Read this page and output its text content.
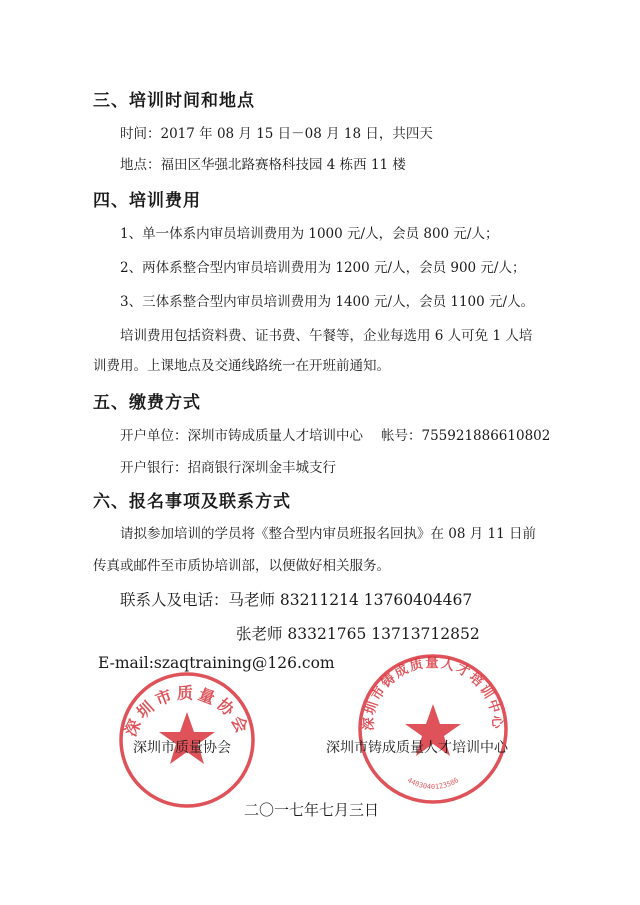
三、培训时间和地点
时间：2017 年 08 月 15 日－08 月 18 日，共四天
地点：福田区华强北路赛格科技园 4 栋西 11 楼
四、培训费用
1、单一体系内审员培训费用为 1000 元/人，会员 800 元/人；
2、两体系整合型内审员培训费用为 1200 元/人，会员 900 元/人；
3、三体系整合型内审员培训费用为 1400 元/人，会员 1100 元/人。
培训费用包括资料费、证书费、午餐等，企业每选用 6 人可免 1 人培
训费用。上课地点及交通线路统一在开班前通知。
五、缴费方式
开户单位：深圳市铸成质量人才培训中心 帐号：755921886610802
开户银行：招商银行深圳金丰城支行
六、报名事项及联系方式
请拟参加培训的学员将《整合型内审员班报名回执》在 08 月 11 日前
传真或邮件至市质协培训部，以便做好相关服务。
联系人及电话：马老师 83211214 13760404467
张老师 83321765 13713712852
E-mail:szaqtraining@126.com
深圳市质量协会	深圳市铸成质量人才培训中心
4403040123586
深圳市质量协会	深圳市铸成质量人才培训中心
二〇一七年七月三日
